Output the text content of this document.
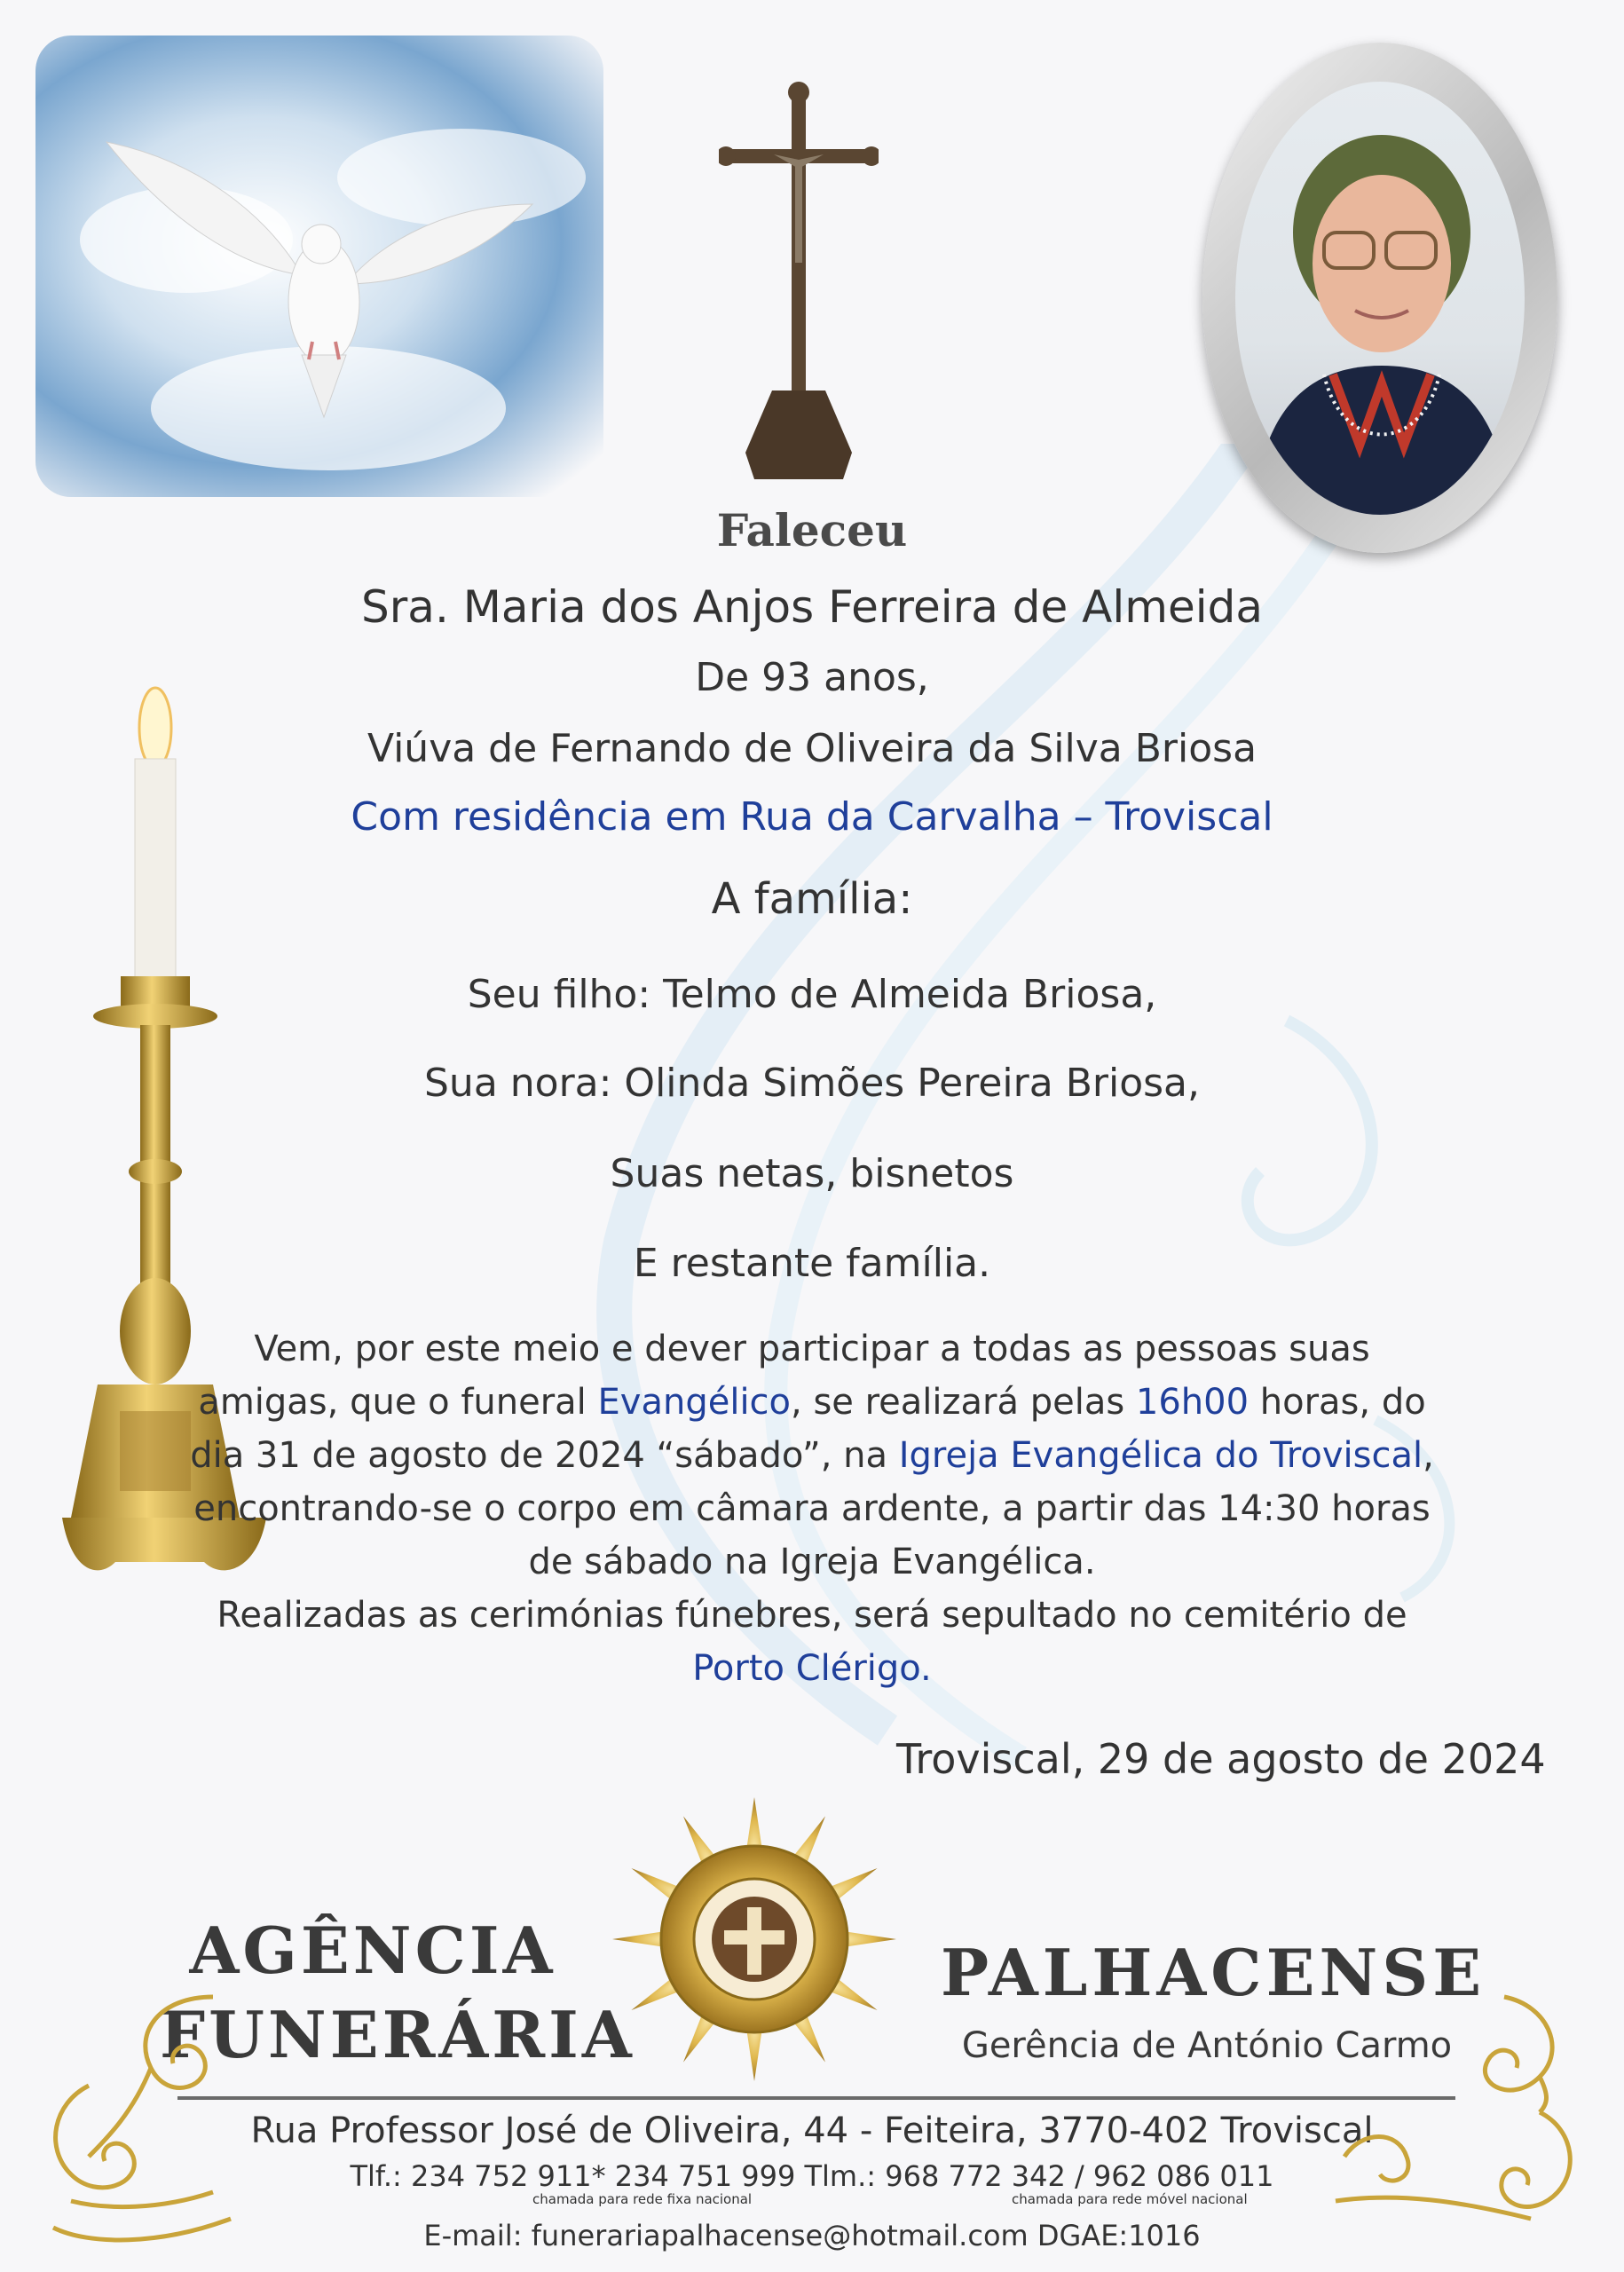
Faleceu
Sra. Maria dos Anjos Ferreira de Almeida
De 93 anos,
Viúva de Fernando de Oliveira da Silva Briosa
Com residência em Rua da Carvalha – Troviscal
A família:
Seu filho: Telmo de Almeida Briosa,
Sua nora: Olinda Simões Pereira Briosa,
Suas netas, bisnetos
E restante família.
Vem, por este meio e dever participar a todas as pessoas suas
amigas, que o funeral Evangélico, se realizará pelas 16h00 horas, do
dia 31 de agosto de 2024 “sábado”, na Igreja Evangélica do Troviscal,
encontrando-se o corpo em câmara ardente, a partir das 14:30 horas
de sábado na Igreja Evangélica.
Realizadas as cerimónias fúnebres, será sepultado no cemitério de
Porto Clérigo.
Troviscal, 29 de agosto de 2024
AGÊNCIA
FUNERÁRIA
PALHACENSE
Gerência de António Carmo
Rua Professor José de Oliveira, 44 - Feiteira, 3770-402 Troviscal
Tlf.: 234 752 911* 234 751 999 Tlm.: 968 772 342 / 962 086 011
chamada para rede fixa nacional	chamada para rede móvel nacional
E-mail: funerariapalhacense@hotmail.com DGAE:1016
